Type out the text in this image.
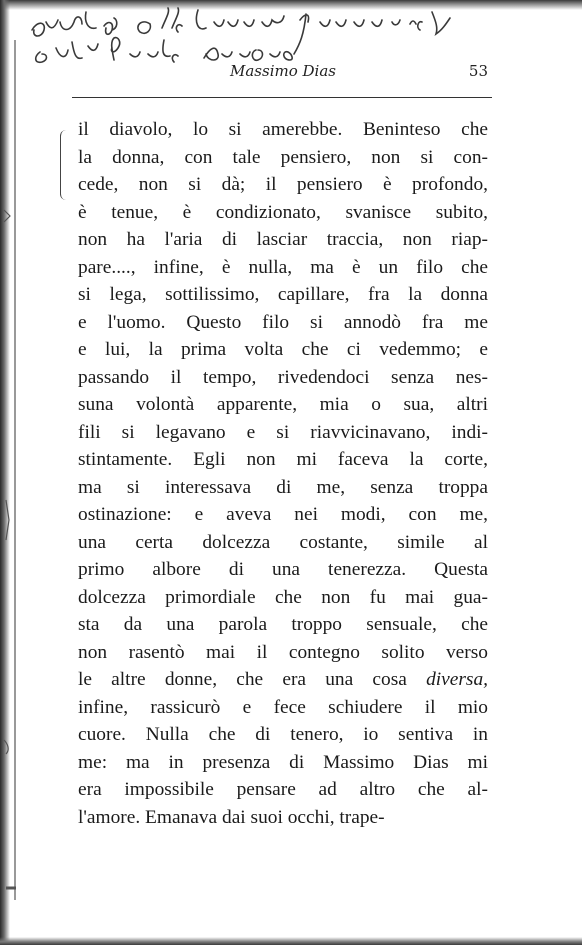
Massimo Dias	53
il diavolo, lo si amerebbe. Beninteso che
la donna, con tale pensiero, non si con-
cede, non si dà; il pensiero è profondo,
è tenue, è condizionato, svanisce subito,
non ha l'aria di lasciar traccia, non riap-
pare...., infine, è nulla, ma è un filo che
si lega, sottilissimo, capillare, fra la donna
e l'uomo. Questo filo si annodò fra me
e lui, la prima volta che ci vedemmo; e
passando il tempo, rivedendoci senza nes-
suna volontà apparente, mia o sua, altri
fili si legavano e si riavvicinavano, indi-
stintamente. Egli non mi faceva la corte,
ma si interessava di me, senza troppa
ostinazione: e aveva nei modi, con me,
una certa dolcezza costante, simile al
primo albore di una tenerezza. Questa
dolcezza primordiale che non fu mai gua-
sta da una parola troppo sensuale, che
non rasentò mai il contegno solito verso
le altre donne, che era una cosa diversa,
infine, rassicurò e fece schiudere il mio
cuore. Nulla che di tenero, io sentiva in
me: ma in presenza di Massimo Dias mi
era impossibile pensare ad altro che al-
l'amore. Emanava dai suoi occhi, trape-
